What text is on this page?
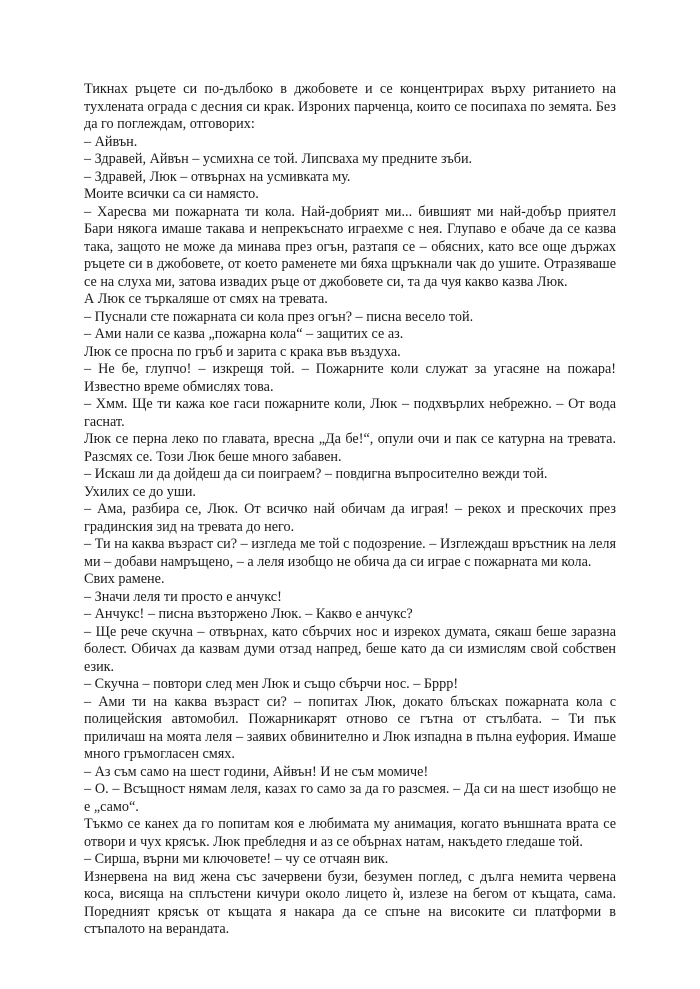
Тикнах ръцете си по-дълбоко в джобовете и се концентрирах върху ританието на тухлената ограда с десния си крак. Изроних парченца, които се посипаха по земята. Без да го поглеждам, отговорих:

– Айвън.

– Здравей, Айвън – усмихна се той. Липсваха му предните зъби.

– Здравей, Люк – отвърнах на усмивката му.

Моите всички са си намясто.

– Харесва ми пожарната ти кола. Най-добрият ми... бившият ми най-добър приятел Бари някога имаше такава и непрекъснато играехме с нея. Глупаво е обаче да се казва така, защото не може да минава през огън, разтапя се – обясних, като все още държах ръцете си в джобовете, от което раменете ми бяха щръкнали чак до ушите. Отразяваше се на слуха ми, затова извадих ръце от джобовете си, та да чуя какво казва Люк.

А Люк се търкаляше от смях на тревата.

– Пуснали сте пожарната си кола през огън? – писна весело той.

– Ами нали се казва „пожарна кола“ – защитих се аз.

Люк се просна по гръб и зарита с крака във въздуха.

– Не бе, глупчо! – изкрещя той. – Пожарните коли служат за угасяне на пожара! Известно време обмислях това.

– Хмм. Ще ти кажа кое гаси пожарните коли, Люк – подхвърлих небрежно. – От вода гаснат.

Люк се перна леко по главата, вресна „Да бе!“, опули очи и пак се катурна на тревата. Разсмях се. Този Люк беше много забавен.

– Искаш ли да дойдеш да си поиграем? – повдигна въпросително вежди той.

Ухилих се до уши.

– Ама, разбира се, Люк. От всичко най обичам да играя! – рекох и прескочих през градинския зид на тревата до него.

– Ти на каква възраст си? – изгледа ме той с подозрение. – Изглеждаш връстник на леля ми – добави намръщено, – а леля изобщо не обича да си играе с пожарната ми кола.

Свих рамене.

– Значи леля ти просто е анчукс!

– Анчукс! – писна възторжено Люк. – Какво е анчукс?

– Ще рече скучна – отвърнах, като сбърчих нос и изрекох думата, сякаш беше заразна болест. Обичах да казвам думи отзад напред, беше като да си измислям свой собствен език.

– Скучна – повтори след мен Люк и също сбърчи нос. – Бррр!

– Ами ти на каква възраст си? – попитах Люк, докато блъсках пожарната кола с полицейския автомобил. Пожарникарят отново се гътна от стълбата. – Ти пък приличаш на моята леля – заявих обвинително и Люк изпадна в пълна еуфория. Имаше много гръмогласен смях.

– Аз съм само на шест години, Айвън! И не съм момиче!

– О. – Всъщност нямам леля, казах го само за да го разсмея. – Да си на шест изобщо не е „само“.

Тъкмо се канех да го попитам коя е любимата му анимация, когато външната врата се отвори и чух крясък. Люк пребледня и аз се обърнах натам, накъдето гледаше той.

– Сирша, върни ми ключовете! – чу се отчаян вик.

Изнервена на вид жена със зачервени бузи, безумен поглед, с дълга немита червена коса, висяща на сплъстени кичури около лицето ѝ, излезе на бегом от къщата, сама. Поредният крясък от къщата я накара да се спъне на високите си платформи в стъпалото на верандата.
